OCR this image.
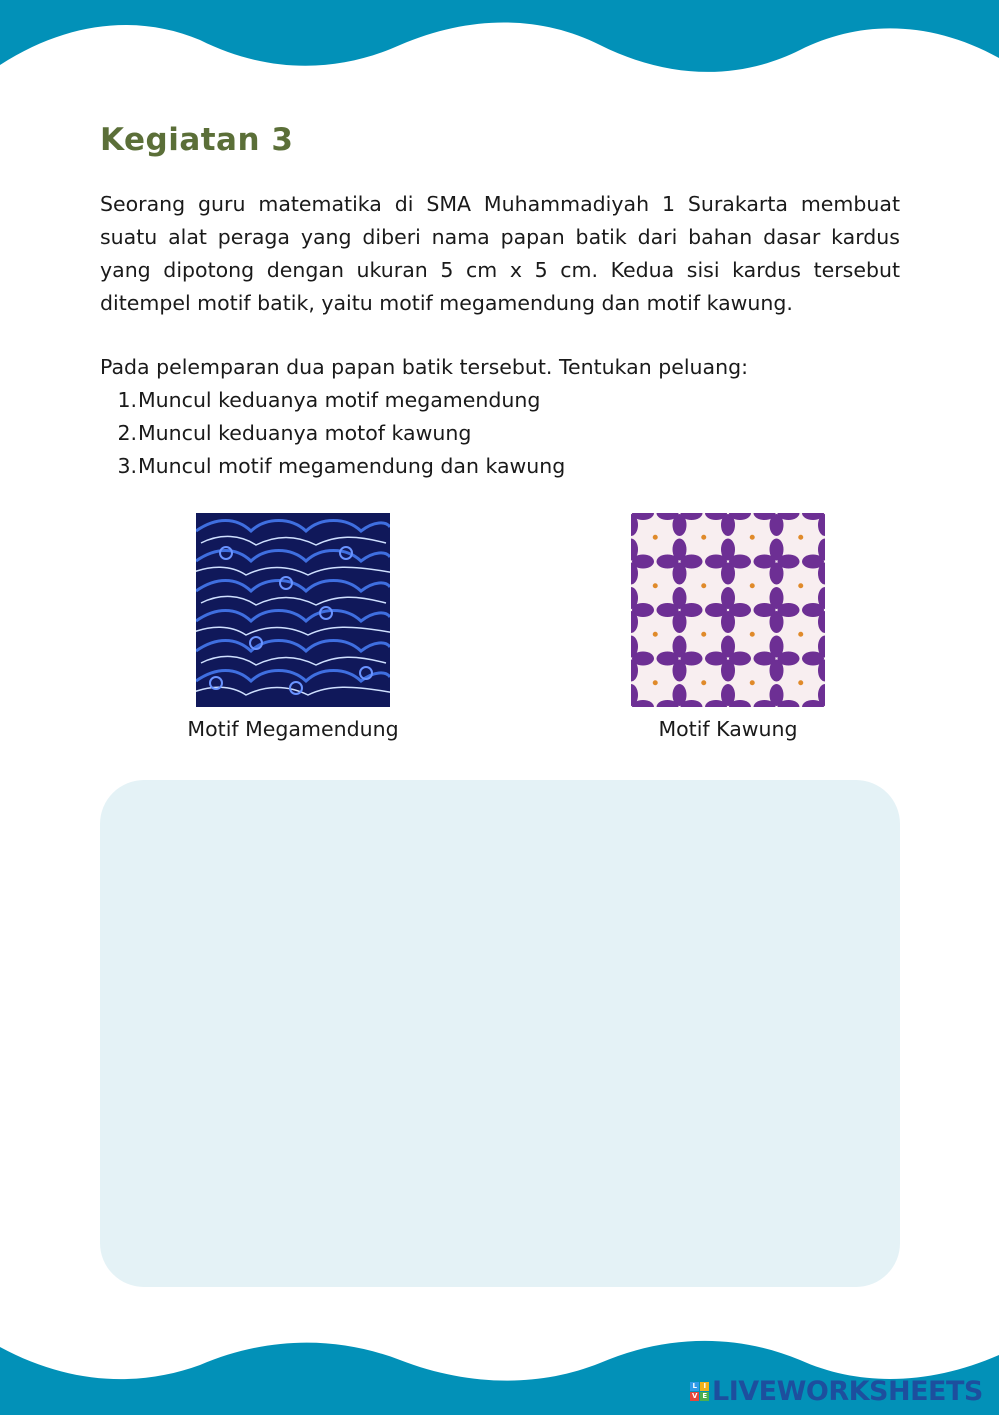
Kegiatan 3

Seorang guru matematika di SMA Muhammadiyah 1 Surakarta membuat suatu alat peraga yang diberi nama papan batik dari bahan dasar kardus yang dipotong dengan ukuran 5 cm x 5 cm. Kedua sisi kardus tersebut ditempel motif batik, yaitu motif megamendung dan motif kawung.

Pada pelemparan dua papan batik tersebut. Tentukan peluang:

1. Muncul keduanya motif megamendung
2. Muncul keduanya motof kawung
3. Muncul motif megamendung dan kawung

Motif Megamendung	Motif Kawung

L I
V E LIVEWORKSHEETS
